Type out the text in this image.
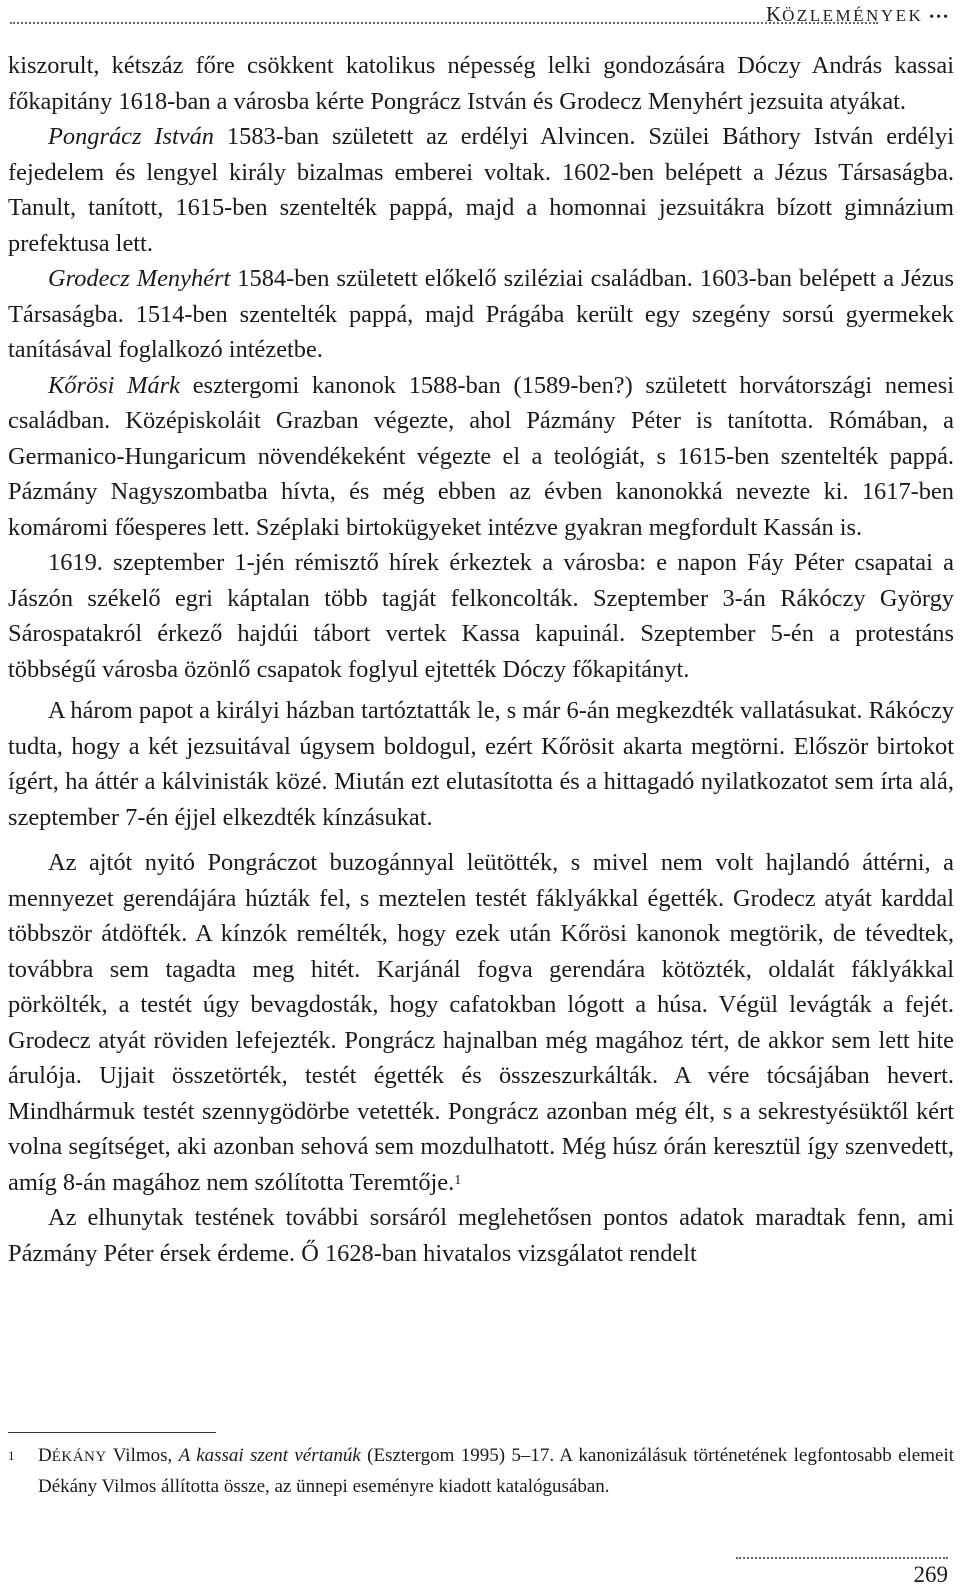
KÖZLEMÉNYEK •••

kiszorult, kétszáz főre csökkent katolikus népesség lelki gondozására Dóczy András kassai főkapitány 1618-ban a városba kérte Pongrácz István és Grodecz Menyhért jezsuita atyákat.

Pongrácz István 1583-ban született az erdélyi Alvincen. Szülei Báthory István erdélyi fejedelem és lengyel király bizalmas emberei voltak. 1602-ben belépett a Jézus Társaságba. Tanult, tanított, 1615-ben szentelték pappá, majd a homonnai jezsuitákra bízott gimnázium prefektusa lett.

Grodecz Menyhért 1584-ben született előkelő sziléziai családban. 1603-ban belépett a Jézus Társaságba. 1514-ben szentelték pappá, majd Prágába került egy szegény sorsú gyermekek tanításával foglalkozó intézetbe.

Kőrösi Márk esztergomi kanonok 1588-ban (1589-ben?) született horvátországi nemesi családban. Középiskoláit Grazban végezte, ahol Pázmány Péter is tanította. Rómában, a Germanico-Hungaricum növendékeként végezte el a teológiát, s 1615-ben szentelték pappá. Pázmány Nagyszombatba hívta, és még ebben az évben kanonokká nevezte ki. 1617-ben komáromi főesperes lett. Széplaki birtokügyeket intézve gyakran megfordult Kassán is.

1619. szeptember 1-jén rémisztő hírek érkeztek a városba: e napon Fáy Péter csapatai a Jászón székelő egri káptalan több tagját felkoncolták. Szeptember 3-án Rákóczy György Sárospatakról érkező hajdúi tábort vertek Kassa kapuinál. Szeptember 5-én a protestáns többségű városba özönlő csapatok foglyul ejtették Dóczy főkapitányt.

A három papot a királyi házban tartóztatták le, s már 6-án megkezdték vallatásukat. Rákóczy tudta, hogy a két jezsuitával úgysem boldogul, ezért Kőrösit akarta megtörni. Először birtokot ígért, ha áttér a kálvinisták közé. Miután ezt elutasította és a hittagadó nyilatkozatot sem írta alá, szeptember 7-én éjjel elkezdték kínzásukat.

Az ajtót nyitó Pongráczot buzogánnyal leütötték, s mivel nem volt hajlandó áttérni, a mennyezet gerendájára húzták fel, s meztelen testét fáklyákkal égették. Grodecz atyát karddal többször átdöfték. A kínzók remélték, hogy ezek után Kőrösi kanonok megtörik, de tévedtek, továbbra sem tagadta meg hitét. Karjánál fogva gerendára kötözték, oldalát fáklyákkal pörkölték, a testét úgy bevagdosták, hogy cafatokban lógott a húsa. Végül levágták a fejét. Grodecz atyát röviden lefejezték. Pongrácz hajnalban még magához tért, de akkor sem lett hite árulója. Ujjait összetörték, testét égették és összeszurkálták. A vére tócsájában hevert. Mindhármuk testét szennygödörbe vetették. Pongrácz azonban még élt, s a sekrestyésüktől kért volna segítséget, aki azonban sehová sem mozdulhatott. Még húsz órán keresztül így szenvedett, amíg 8-án magához nem szólította Teremtője.$^1$

Az elhunytak testének további sorsáról meglehetősen pontos adatok maradtak fenn, ami Pázmány Péter érsek érdeme. Ő 1628-ban hivatalos vizsgálatot rendelt

1 DÉKÁNY Vilmos, A kassai szent vértanúk (Esztergom 1995) 5–17. A kanonizálásuk történetének legfontosabb elemeit Dékány Vilmos állította össze, az ünnepi eseményre kiadott katalógusában.

269
